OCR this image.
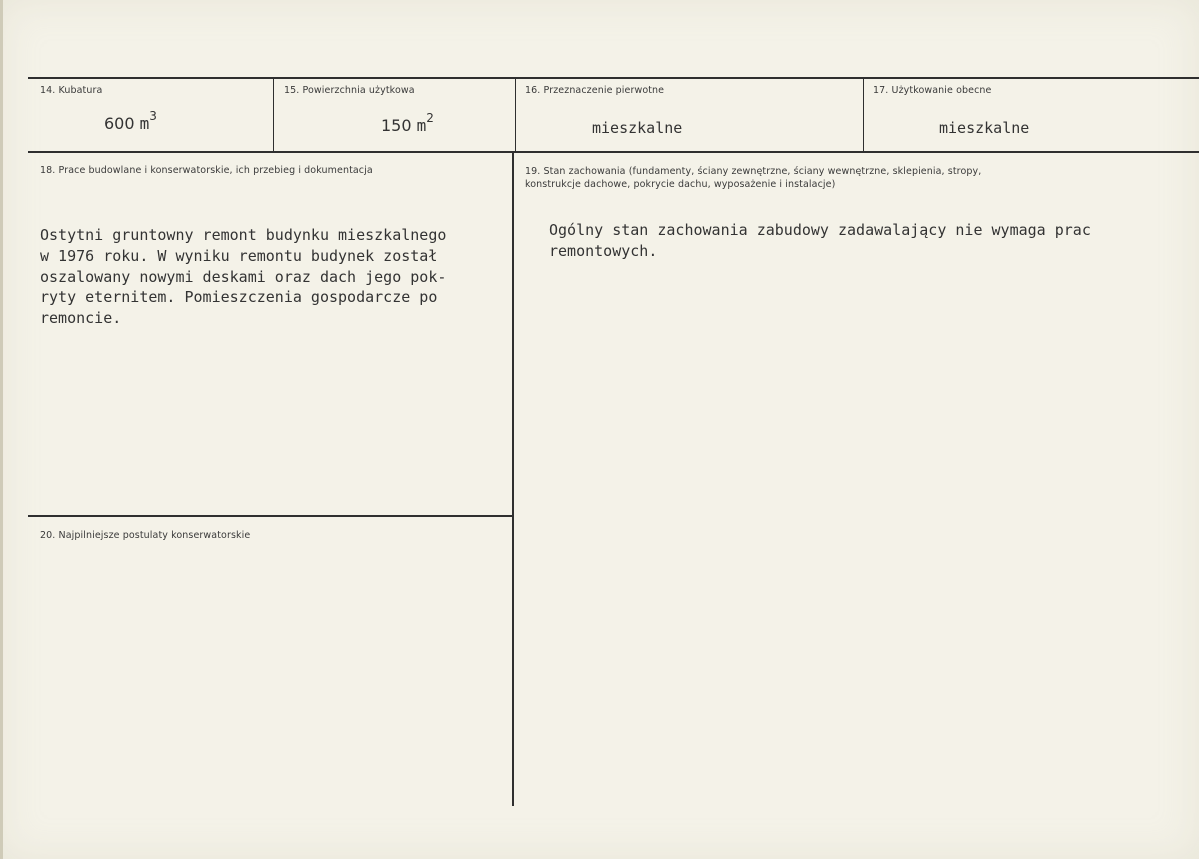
14. Kubatura
600 $m^3$
15. Powierzchnia użytkowa
150 $m^2$
16. Przeznaczenie pierwotne
mieszkalne
17. Użytkowanie obecne
mieszkalne
18. Prace budowlane i konserwatorskie, ich przebieg i dokumentacja
Ostytni gruntowny remont budynku mieszkalnego
w 1976 roku. W wyniku remontu budynek został
oszalowany nowymi deskami oraz dach jego pok-
ryty eternitem. Pomieszczenia gospodarcze po
remoncie.
19. Stan zachowania (fundamenty, ściany zewnętrzne, ściany wewnętrzne, sklepienia, stropy, konstrukcje dachowe, pokrycie dachu, wyposażenie i instalacje)
Ogólny stan zachowania zabudowy zadawalający nie wymaga prac
remontowych.
20. Najpilniejsze postulaty konserwatorskie
